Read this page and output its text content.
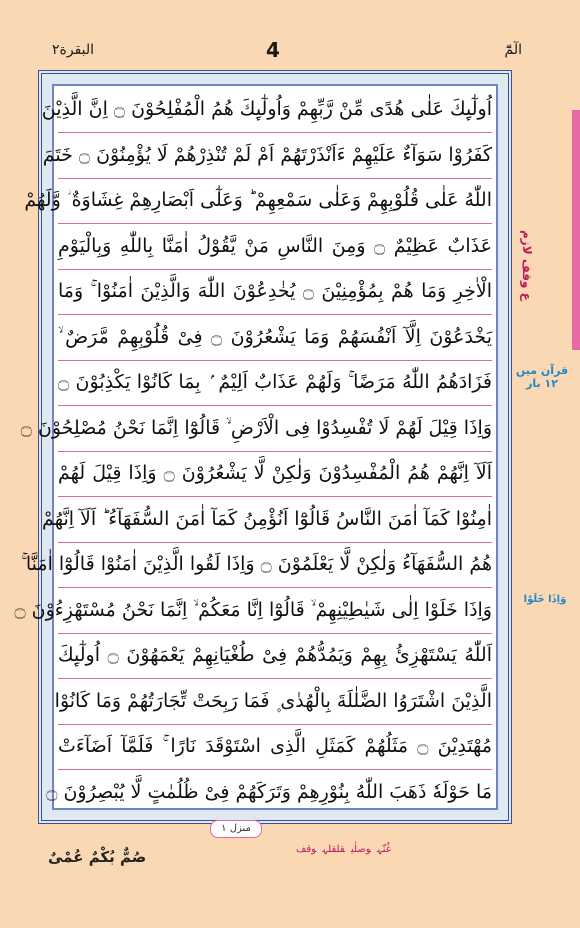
البقرة٢	4	الٓمّٓ
اُولٰٓىِٕكَ عَلٰى هُدًى مِّنْ رَّبِّهِمْ وَاُولٰٓىِٕكَ هُمُ الْمُفْلِحُوْنَ ۝ اِنَّ الَّذِيْنَ
كَفَرُوْا سَوَآءٌ عَلَيْهِمْ ءَاَنْذَرْتَهُمْ اَمْ لَمْ تُنْذِرْهُمْ لَا يُؤْمِنُوْنَ ۝ خَتَمَ
اللّٰهُ عَلٰى قُلُوْبِهِمْ وَعَلٰى سَمْعِهِمْ ؕ وَعَلٰٓى اَبْصَارِهِمْ غِشَاوَةٌ ؗ وَّلَهُمْ
عَذَابٌ عَظِيْمٌ ۝ وَمِنَ النَّاسِ مَنْ يَّقُوْلُ اٰمَنَّا بِاللّٰهِ وَبِالْيَوْمِ
الْاٰخِرِ وَمَا هُمْ بِمُؤْمِنِيْنَ ۝ يُخٰدِعُوْنَ اللّٰهَ وَالَّذِيْنَ اٰمَنُوْا ۚ وَمَا
يَخْدَعُوْنَ اِلَّآ اَنْفُسَهُمْ وَمَا يَشْعُرُوْنَ ۝ فِىْ قُلُوْبِهِمْ مَّرَضٌ ۙ
فَزَادَهُمُ اللّٰهُ مَرَضًا ۚ وَلَهُمْ عَذَابٌ اَلِيْمٌ ۢ بِمَا كَانُوْا يَكْذِبُوْنَ ۝
وَاِذَا قِيْلَ لَهُمْ لَا تُفْسِدُوْا فِى الْاَرْضِ ۙ قَالُوْٓا اِنَّمَا نَحْنُ مُصْلِحُوْنَ ۝
اَلَآ اِنَّهُمْ هُمُ الْمُفْسِدُوْنَ وَلٰكِنْ لَّا يَشْعُرُوْنَ ۝ وَاِذَا قِيْلَ لَهُمْ
اٰمِنُوْا كَمَآ اٰمَنَ النَّاسُ قَالُوْٓا اَنُؤْمِنُ كَمَآ اٰمَنَ السُّفَهَآءُ ؕ اَلَآ اِنَّهُمْ
هُمُ السُّفَهَآءُ وَلٰكِنْ لَّا يَعْلَمُوْنَ ۝ وَاِذَا لَقُوا الَّذِيْنَ اٰمَنُوْا قَالُوْٓا اٰمَنَّا ۚ
وَاِذَا خَلَوْا اِلٰى شَيٰطِيْنِهِمْ ۙ قَالُوْٓا اِنَّا مَعَكُمْ ۙ اِنَّمَا نَحْنُ مُسْتَهْزِءُوْنَ ۝
اَللّٰهُ يَسْتَهْزِئُ بِهِمْ وَيَمُدُّهُمْ فِىْ طُغْيَانِهِمْ يَعْمَهُوْنَ ۝ اُولٰٓىِٕكَ
الَّذِيْنَ اشْتَرَوُا الضَّلٰلَةَ بِالْهُدٰى ۪ فَمَا رَبِحَتْ تِّجَارَتُهُمْ وَمَا كَانُوْا
مُهْتَدِيْنَ ۝ مَثَلُهُمْ كَمَثَلِ الَّذِى اسْتَوْقَدَ نَارًا ۚ فَلَمَّآ اَضَآءَتْ
مَا حَوْلَهٗ ذَهَبَ اللّٰهُ بِنُوْرِهِمْ وَتَرَكَهُمْ فِىْ ظُلُمٰتٍ لَّا يُبْصِرُوْنَ ۝
منزل ١
ع وقف لازم
قرآن میں ١٢ بار
وَاِذَا خَلَوْا
غُنّہوصلٰیقلقلہوقف
صُمٌّ بُكْمٌ عُمْىٌ
